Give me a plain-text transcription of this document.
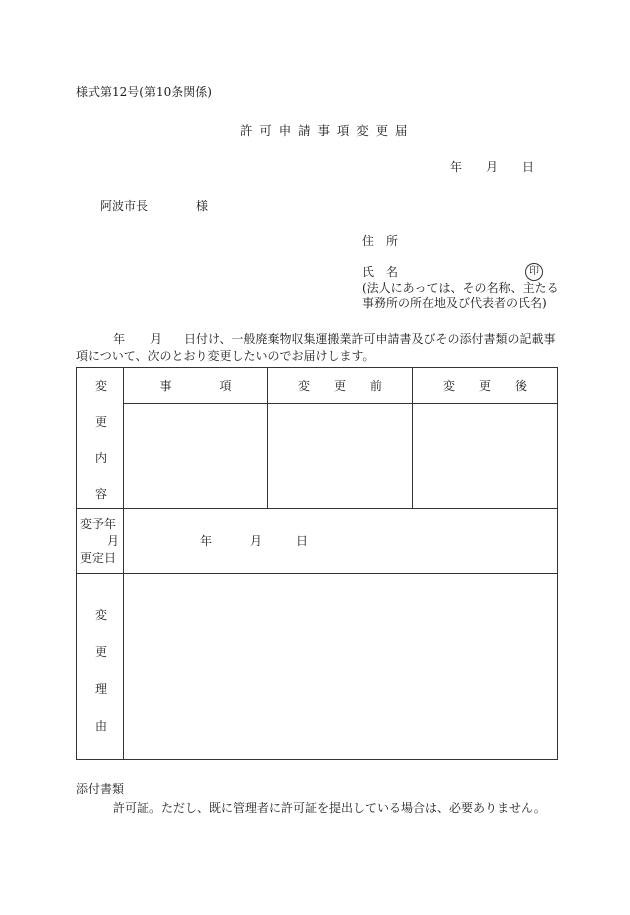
様式第12号(第10条関係)
許可申請事項変更届
年 月 日
阿波市長	様
住　所
氏　名	印
(法人にあっては、その名称、主たる
事務所の所在地及び代表者の氏名)
年 月 日付け、一般廃棄物収集運搬業許可申請書及びその添付書類の記載事
項について、次のとおり変更したいのでお届けします。
変
更
内
容	事　　　　項	変　　更　　前	変　　更　　後

変予年
月
更定日	年 月 日		

変
更
理
由			

添付書類
許可証。ただし、既に管理者に許可証を提出している場合は、必要ありません。
